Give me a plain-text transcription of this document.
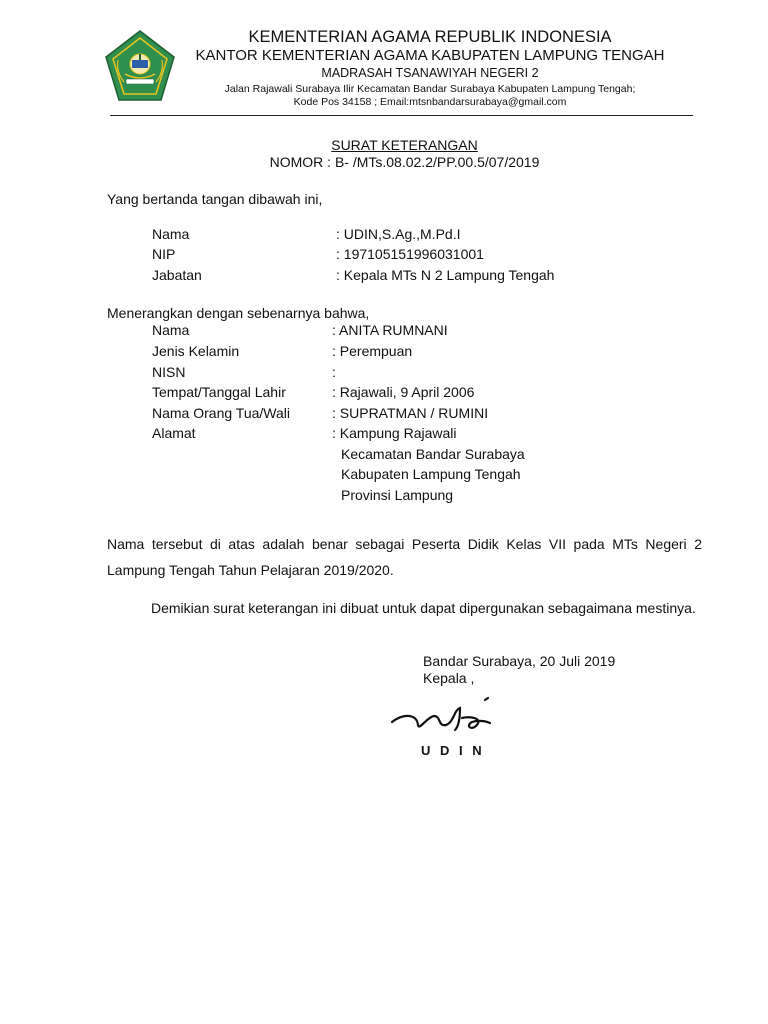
KEMENTERIAN AGAMA REPUBLIK INDONESIA
KANTOR KEMENTERIAN AGAMA KABUPATEN LAMPUNG TENGAH
MADRASAH TSANAWIYAH NEGERI 2
Jalan Rajawali Surabaya Ilir Kecamatan Bandar Surabaya Kabupaten Lampung Tengah;
Kode Pos 34158 ; Email:mtsnbandarsurabaya@gmail.com
SURAT KETERANGAN
NOMOR : B- /MTs.08.02.2/PP.00.5/07/2019
Yang bertanda tangan dibawah ini,
Nama	: UDIN,S.Ag.,M.Pd.I
NIP	: 197105151996031001
Jabatan	: Kepala MTs N 2 Lampung Tengah
Menerangkan dengan sebenarnya bahwa,
Nama	: ANITA RUMNANI
Jenis Kelamin	: Perempuan
NISN	:
Tempat/Tanggal Lahir	: Rajawali, 9 April 2006
Nama Orang Tua/Wali	: SUPRATMAN / RUMINI
Alamat	: Kampung Rajawali
Kecamatan Bandar Surabaya
Kabupaten Lampung Tengah
Provinsi Lampung
Nama tersebut di atas adalah benar sebagai Peserta Didik Kelas VII pada MTs Negeri 2 Lampung Tengah Tahun Pelajaran 2019/2020.
Demikian surat keterangan ini dibuat untuk dapat dipergunakan sebagaimana mestinya.
Bandar Surabaya, 20 Juli 2019
Kepala ,
U D I N
